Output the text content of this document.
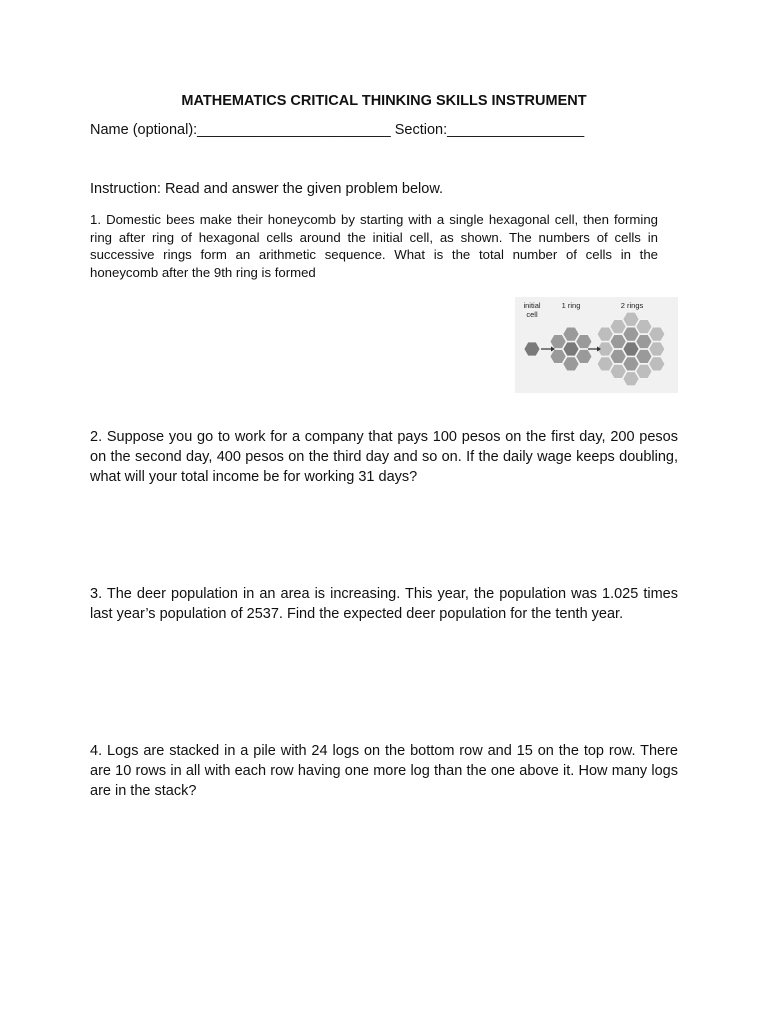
MATHEMATICS CRITICAL THINKING SKILLS INSTRUMENT
Name (optional):________________________ Section:_________________
Instruction: Read and answer the given problem below.
1. Domestic bees make their honeycomb by starting with a single hexagonal cell, then forming ring after ring of hexagonal cells around the initial cell, as shown. The numbers of cells in successive rings form an arithmetic sequence. What is the total number of cells in the honeycomb after the 9th ring is formed
initial
cell
1 ring	2 rings
2. Suppose you go to work for a company that pays 100 pesos on the first day, 200 pesos on the second day, 400 pesos on the third day and so on. If the daily wage keeps doubling, what will your total income be for working 31 days?
3. The deer population in an area is increasing. This year, the population was 1.025 times last year’s population of 2537. Find the expected deer population for the tenth year.
4. Logs are stacked in a pile with 24 logs on the bottom row and 15 on the top row. There are 10 rows in all with each row having one more log than the one above it. How many logs are in the stack?
